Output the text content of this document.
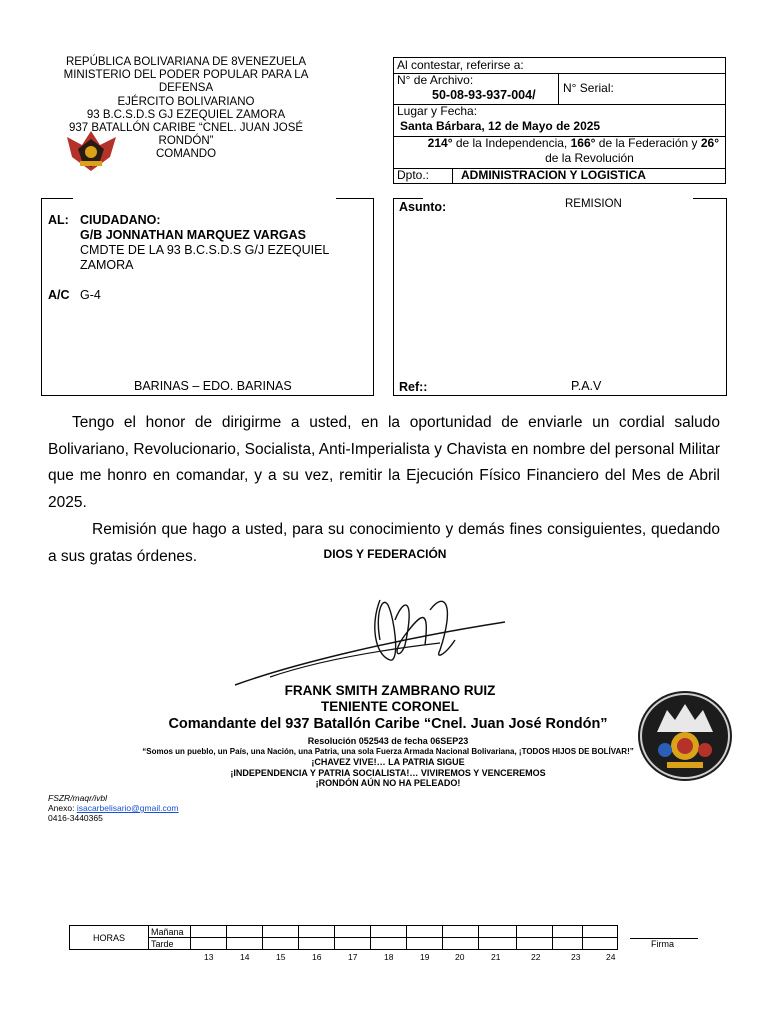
REPÚBLICA BOLIVARIANA DE 8VENEZUELA
MINISTERIO DEL PODER POPULAR PARA LA DEFENSA
EJÉRCITO BOLIVARIANO
93 B.C.S.D.S GJ EZEQUIEL ZAMORA
937 BATALLÓN CARIBE “CNEL. JUAN JOSÉ RONDÓN”
COMANDO
Al contestar, referirse a:
N° de Archivo:
50-08-93-937-004/ N° Serial:
Lugar y Fecha:
Santa Bárbara, 12 de Mayo de 2025
214° de la Independencia, 166° de la Federación y 26°
de la Revolución
Dpto.:	ADMINISTRACION Y LOGISTICA
AL: CIUDADANO:
G/B JONNATHAN MARQUEZ VARGAS
CMDTE DE LA 93 B.C.S.D.S G/J EZEQUIEL
ZAMORA
A/C G-4
BARINAS – EDO. BARINAS
Asunto:	REMISION
Ref::	P.A.V

Tengo el honor de dirigirme a usted, en la oportunidad de enviarle un cordial saludo Bolivariano, Revolucionario, Socialista, Anti-Imperialista y Chavista en nombre del personal Militar que me honro en comandar, y a su vez, remitir la Ejecución Físico Financiero del Mes de Abril 2025.

Remisión que hago a usted, para su conocimiento y demás fines consiguientes, quedando a sus gratas órdenes.	DIOS Y FEDERACIÓN
FRANK SMITH ZAMBRANO RUIZ
TENIENTE CORONEL
Comandante del 937 Batallón Caribe “Cnel. Juan José Rondón”
Resolución 052543 de fecha 06SEP23
“Somos un pueblo, un País, una Nación, una Patria, una sola Fuerza Armada Nacional Bolivariana, ¡TODOS HIJOS DE BOLÍVAR!”
¡CHAVEZ VIVE!… LA PATRIA SIGUE
¡INDEPENDENCIA Y PATRIA SOCIALISTA!… VIVIREMOS Y VENCEREMOS
¡RONDÓN AÚN NO HA PELEADO!
FSZR/maqr/ivbl
Anexo: isacarbelisario@gmail.com
0416-3440365
HORAS	Mañana												
	Tarde												
13	14	15	16	17	18	19	20	21	22	23	24
Firma
